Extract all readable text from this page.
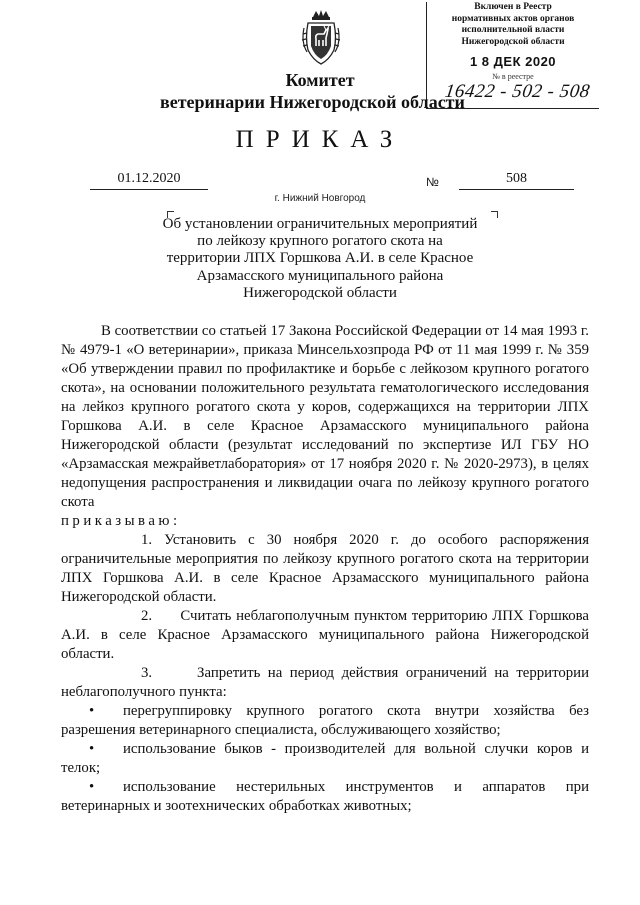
Включен в Реестр
нормативных актов органов
исполнительной власти
Нижегородской области
1 8 ДЕК 2020
№ в реестре
16422 - 502 - 508
Комитет
ветеринарии Нижегородской области
ПРИКАЗ
01.12.2020	№	508
г. Нижний Новгород
Об установлении ограничительных мероприятий
по лейкозу крупного рогатого скота на
территории ЛПХ Горшкова А.И. в селе Красное
Арзамасского муниципального района
Нижегородской области

В соответствии со статьей 17 Закона Российской Федерации от 14 мая 1993 г. № 4979-1 «О ветеринарии», приказа Минсельхозпрода РФ от 11 мая 1999 г. № 359 «Об утверждении правил по профилактике и борьбе с лейкозом крупного рогатого скота», на основании положительного результата гематологического исследования на лейкоз крупного рогатого скота у коров, содержащихся на территории ЛПХ Горшкова А.И. в селе Красное Арзамасского муниципального района Нижегородской области (результат исследований по экспертизе ИЛ ГБУ НО «Арзамасская межрайветлаборатория» от 17 ноября 2020 г. № 2020-2973), в целях недопущения распространения и ликвидации очага по лейкозу крупного рогатого скота

приказываю:

1. Установить с 30 ноября 2020 г. до особого распоряжения ограничительные мероприятия по лейкозу крупного рогатого скота на территории ЛПХ Горшкова А.И. в селе Красное Арзамасского муниципального района Нижегородской области.

2. Считать неблагополучным пунктом территорию ЛПХ Горшкова А.И. в селе Красное Арзамасского муниципального района Нижегородской области.

3.	Запретить на период действия ограничений на территории неблагополучного пункта:

• перегруппировку крупного рогатого скота внутри хозяйства без разрешения ветеринарного специалиста, обслуживающего хозяйство;

• использование быков - производителей для вольной случки коров и телок;

• использование нестерильных инструментов и аппаратов при ветеринарных и зоотехнических обработках животных;
